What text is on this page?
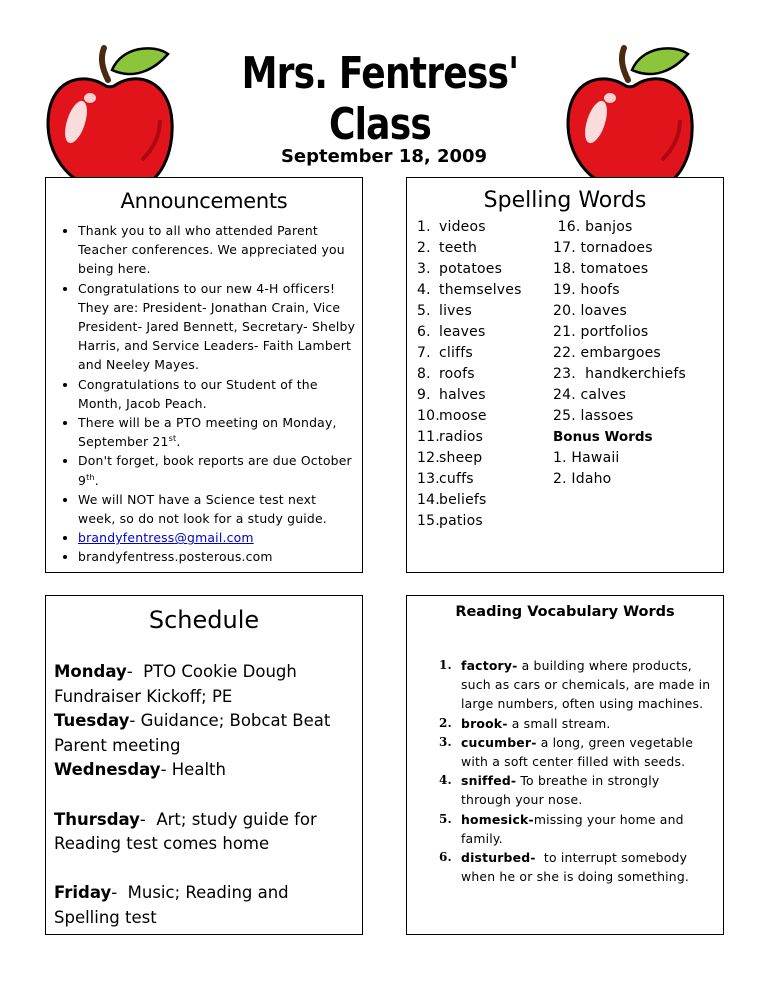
Mrs. Fentress' Class
September 18, 2009
Announcements
• Thank you to all who attended Parent Teacher conferences. We appreciated you being here.
• Congratulations to our new 4-H officers! They are: President- Jonathan Crain, Vice President- Jared Bennett, Secretary- Shelby Harris, and Service Leaders- Faith Lambert and Neeley Mayes.
• Congratulations to our Student of the Month, Jacob Peach.
• There will be a PTO meeting on Monday, September 21st.
• Don't forget, book reports are due October 9th.
• We will NOT have a Science test next week, so do not look for a study guide.
• brandyfentress@gmail.com
• brandyfentress.posterous.com
Spelling Words
1. videos
2. teeth
3. potatoes
4. themselves
5. lives
6. leaves
7. cliffs
8. roofs
9. halves
10.moose
11.radios
12.sheep
13.cuffs
14.beliefs
15.patios
16. banjos
17. tornadoes
18. tomatoes
19. hoofs
20. loaves
21. portfolios
22. embargoes
23.  handkerchiefs
24. calves
25. lassoes
Bonus Words
1. Hawaii
2. Idaho
Schedule
Monday-  PTO Cookie Dough Fundraiser Kickoff; PE
Tuesday- Guidance; Bobcat Beat Parent meeting
Wednesday- Health
Thursday-  Art; study guide for Reading test comes home
Friday-  Music; Reading and Spelling test
Reading Vocabulary Words
1. factory- a building where products, such as cars or chemicals, are made in large numbers, often using machines.
2. brook- a small stream.
3. cucumber- a long, green vegetable with a soft center filled with seeds.
4. sniffed- To breathe in strongly through your nose.
5. homesick-missing your home and family.
6. disturbed-  to interrupt somebody when he or she is doing something.
